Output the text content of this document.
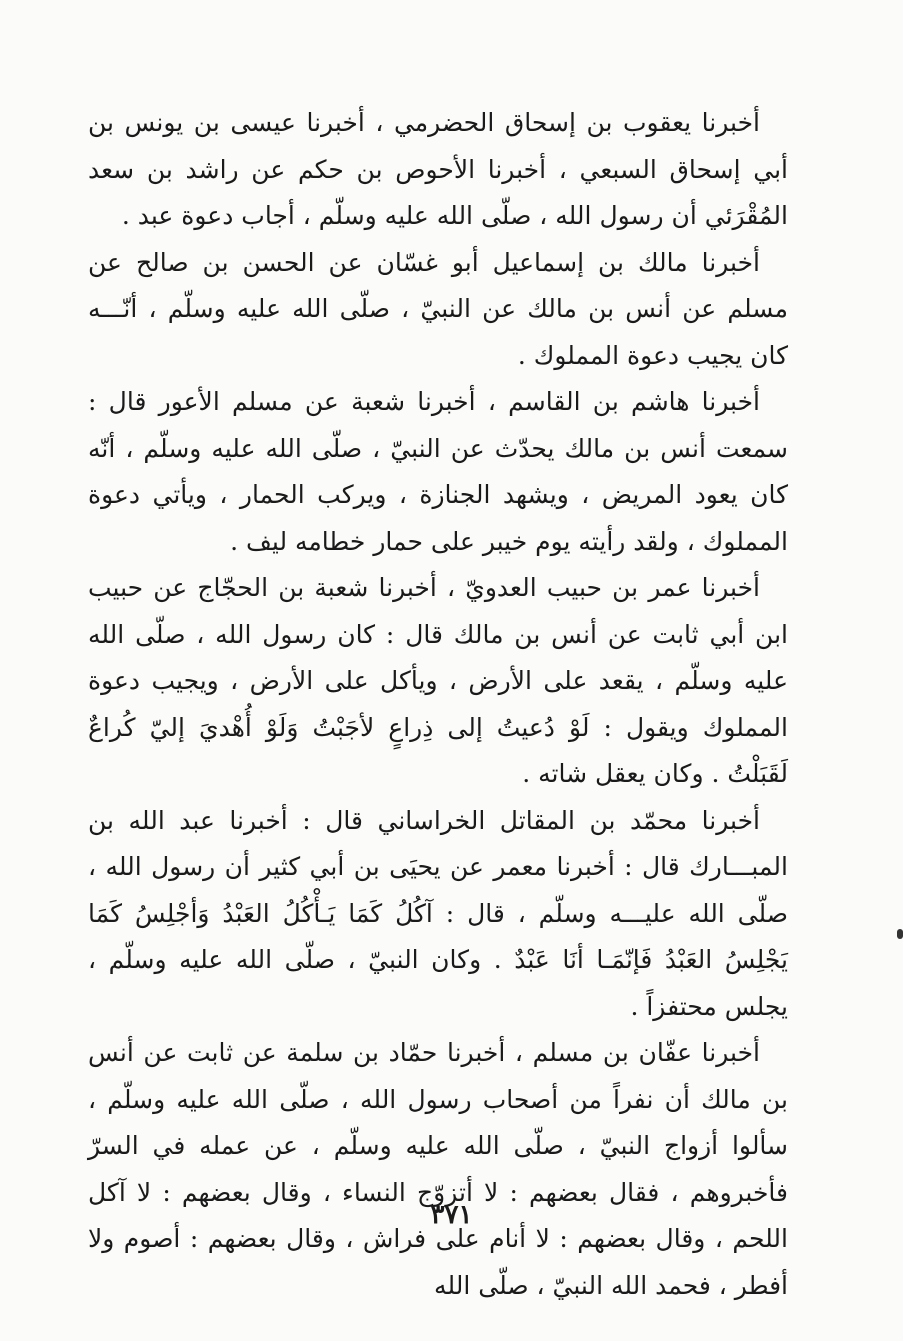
أخبرنا يعقوب بن إسحاق الحضرمي ، أخبرنا عيسى بن يونس بن أبي إسحاق السبعي ، أخبرنا الأحوص بن حكم عن راشد بن سعد المُقْرَئي أن رسول الله ، صلّى الله عليه وسلّم ، أجاب دعوة عبد .

أخبرنا مالك بن إسماعيل أبو غسّان عن الحسن بن صالح عن مسلم عن أنس بن مالك عن النبيّ ، صلّى الله عليه وسلّم ، أنّـــه كان يجيب دعوة المملوك .

أخبرنا هاشم بن القاسم ، أخبرنا شعبة عن مسلم الأعور قال : سمعت أنس بن مالك يحدّث عن النبيّ ، صلّى الله عليه وسلّم ، أنّه كان يعود المريض ، ويشهد الجنازة ، ويركب الحمار ، ويأتي دعوة المملوك ، ولقد رأيته يوم خيبر على حمار خطامه ليف .

أخبرنا عمر بن حبيب العدويّ ، أخبرنا شعبة بن الحجّاج عن حبيب ابن أبي ثابت عن أنس بن مالك قال : كان رسول الله ، صلّى الله عليه وسلّم ، يقعد على الأرض ، ويأكل على الأرض ، ويجيب دعوة المملوك ويقول : لَوْ دُعيتُ إلى ذِراعٍ لأجَبْتُ وَلَوْ أُهْديَ إليّ كُراعٌ لَقَبَلْتُ . وكان يعقل شاته .

أخبرنا محمّد بن المقاتل الخراساني قال : أخبرنا عبد الله بن المبـــارك قال : أخبرنا معمر عن يحيَى بن أبي كثير أن رسول الله ، صلّى الله عليـــه وسلّم ، قال : آكُلُ كَمَا يَـأْكُلُ العَبْدُ وَأجْلِسُ كَمَا يَجْلِسُ العَبْدُ فَإنّمَـا أنَا عَبْدٌ . وكان النبيّ ، صلّى الله عليه وسلّم ، يجلس محتفزاً .

أخبرنا عفّان بن مسلم ، أخبرنا حمّاد بن سلمة عن ثابت عن أنس بن مالك أن نفراً من أصحاب رسول الله ، صلّى الله عليه وسلّم ، سألوا أزواج النبيّ ، صلّى الله عليه وسلّم ، عن عمله في السرّ فأخبروهم ، فقال بعضهم : لا أتزوّج النساء ، وقال بعضهم : لا آكل اللحم ، وقال بعضهم : لا أنام على فراش ، وقال بعضهم : أصوم ولا أفطر ، فحمد الله النبيّ ، صلّى الله

٣٧١
